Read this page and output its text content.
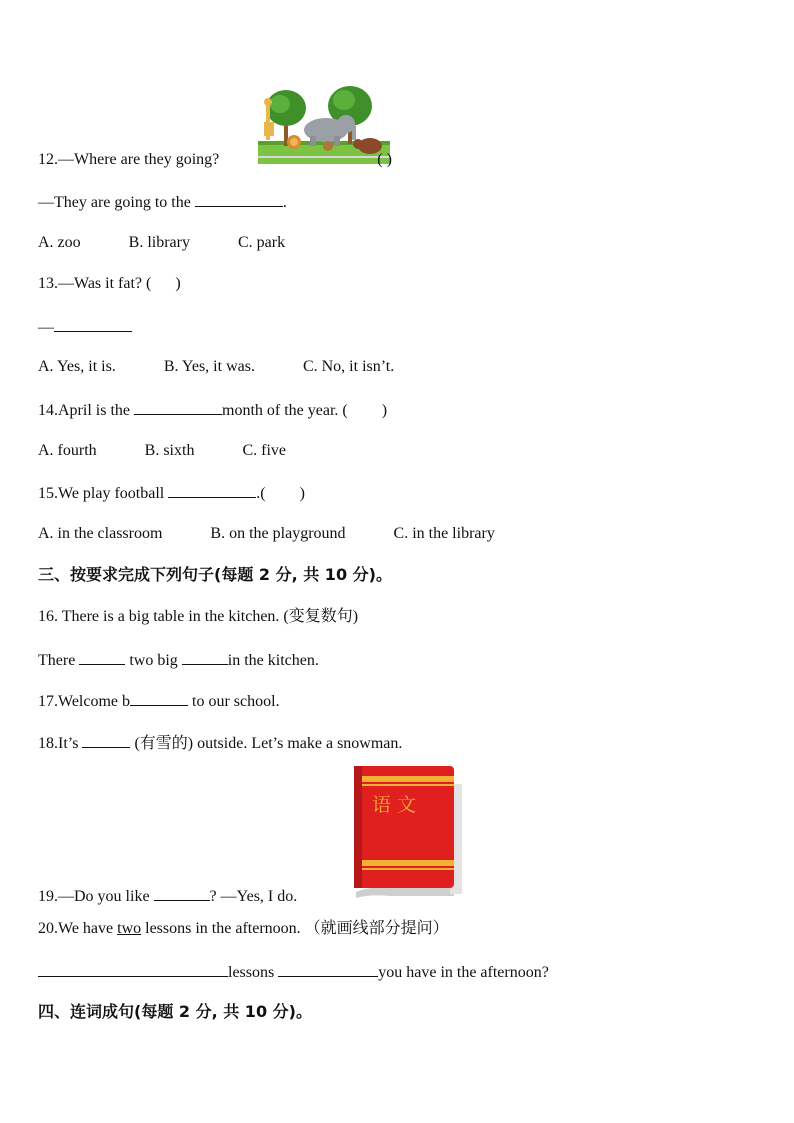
12.—Where are they going?	( )
—They are going to the	.
A. zoo	B. library	C. park
13.—Was it fat? ( )
—
A. Yes, it is.	B. Yes, it was.	C. No, it isn’t.
14.April is the	month of the year. ( )
A. fourth	B. sixth	C. five
15.We play football	.( )
A. in the classroom	B. on the playground	C. in the library
三、按要求完成下列句子(每题 2 分, 共 10 分)。
16. There is a big table in the kitchen. (变复数句)
There	two big	in the kitchen.
17.Welcome b	to our school.
18.It’s	(有雪的) outside. Let’s make a snowman.
语 文
19.—Do you like	? —Yes, I do.
20.We have two lessons in the afternoon. （就画线部分提问）
lessons	you have in the afternoon?
四、连词成句(每题 2 分, 共 10 分)。
